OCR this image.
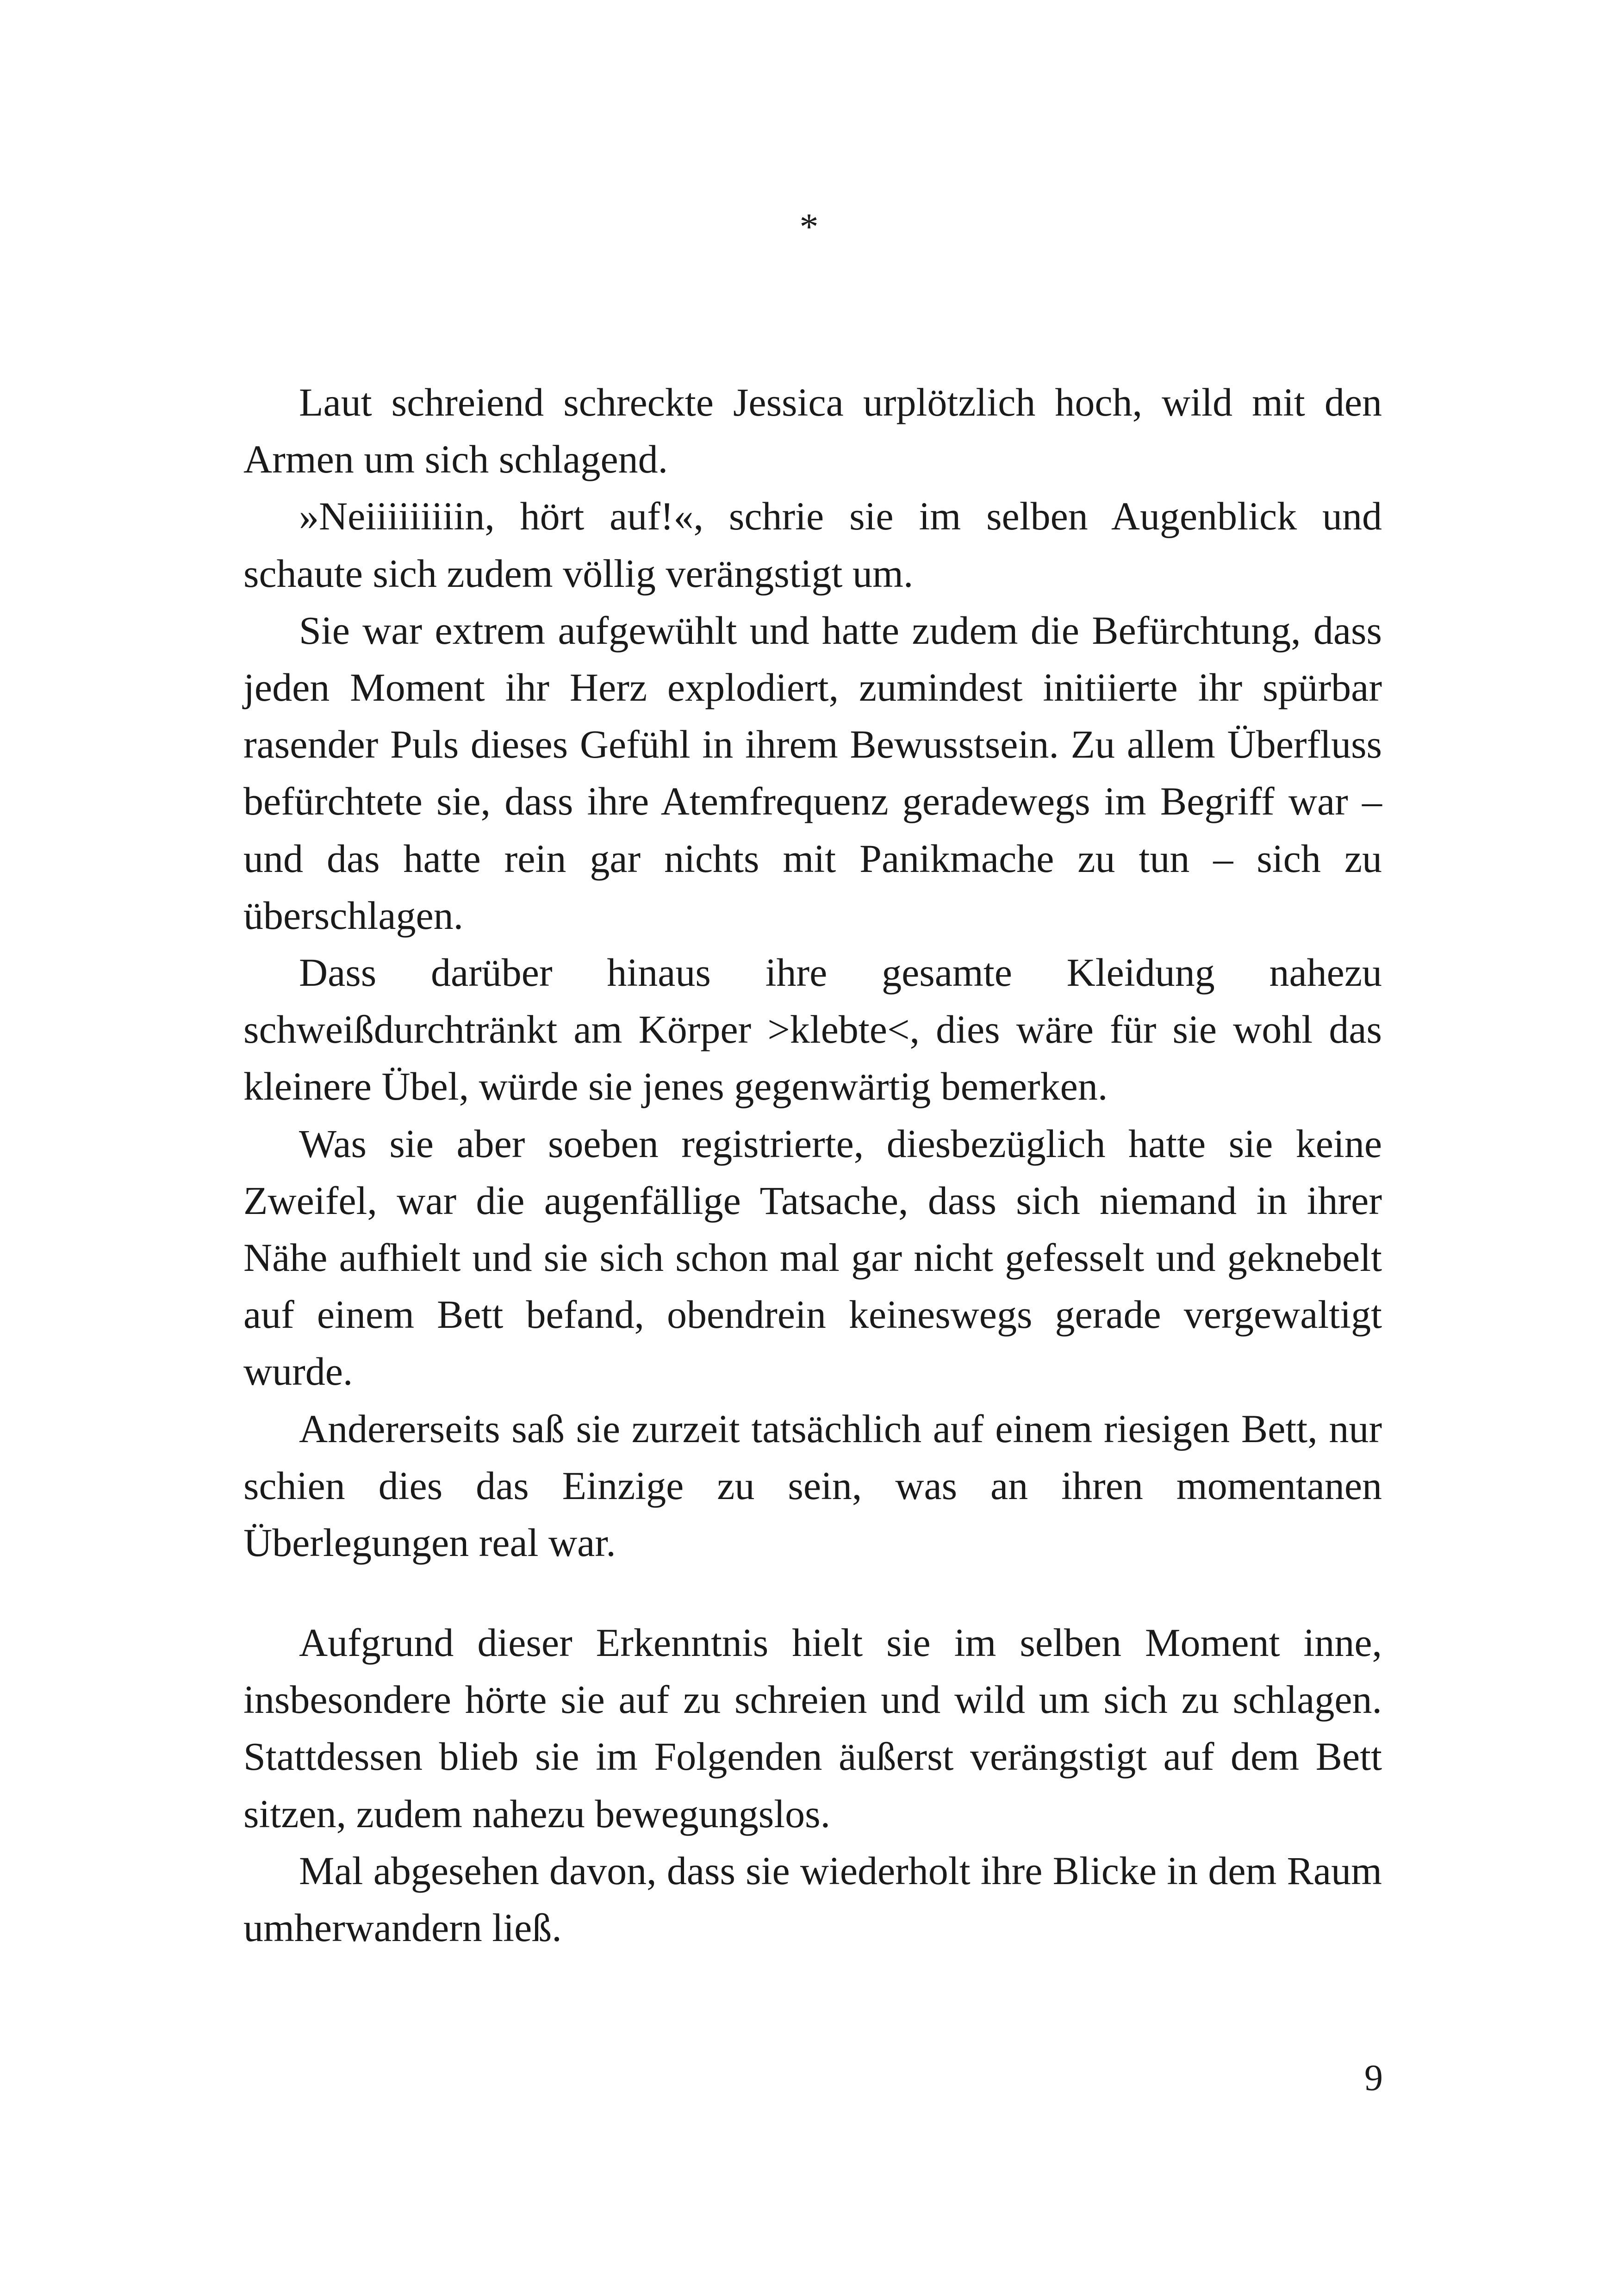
*

Laut schreiend schreckte Jessica urplötzlich hoch, wild mit den Armen um sich schlagend.

»Neiiiiiiiiin, hört auf!«, schrie sie im selben Augenblick und schaute sich zudem völlig verängstigt um.

Sie war extrem aufgewühlt und hatte zudem die Befürchtung, dass jeden Moment ihr Herz explodiert, zumindest initiierte ihr spürbar rasender Puls dieses Gefühl in ihrem Bewusstsein. Zu allem Überfluss befürchtete sie, dass ihre Atemfrequenz geradewegs im Begriff war – und das hatte rein gar nichts mit Panikmache zu tun – sich zu überschlagen.

Dass darüber hinaus ihre gesamte Kleidung nahezu schweißdurchtränkt am Körper >klebte<, dies wäre für sie wohl das kleinere Übel, würde sie jenes gegenwärtig bemerken.

Was sie aber soeben registrierte, diesbezüglich hatte sie keine Zweifel, war die augenfällige Tatsache, dass sich niemand in ihrer Nähe aufhielt und sie sich schon mal gar nicht gefesselt und geknebelt auf einem Bett befand, obendrein keineswegs gerade vergewaltigt wurde.

Andererseits saß sie zurzeit tatsächlich auf einem riesigen Bett, nur schien dies das Einzige zu sein, was an ihren momentanen Überlegungen real war.

Aufgrund dieser Erkenntnis hielt sie im selben Moment inne, insbesondere hörte sie auf zu schreien und wild um sich zu schlagen. Stattdessen blieb sie im Folgenden äußerst verängstigt auf dem Bett sitzen, zudem nahezu bewegungslos.

Mal abgesehen davon, dass sie wiederholt ihre Blicke in dem Raum umherwandern ließ.

9
